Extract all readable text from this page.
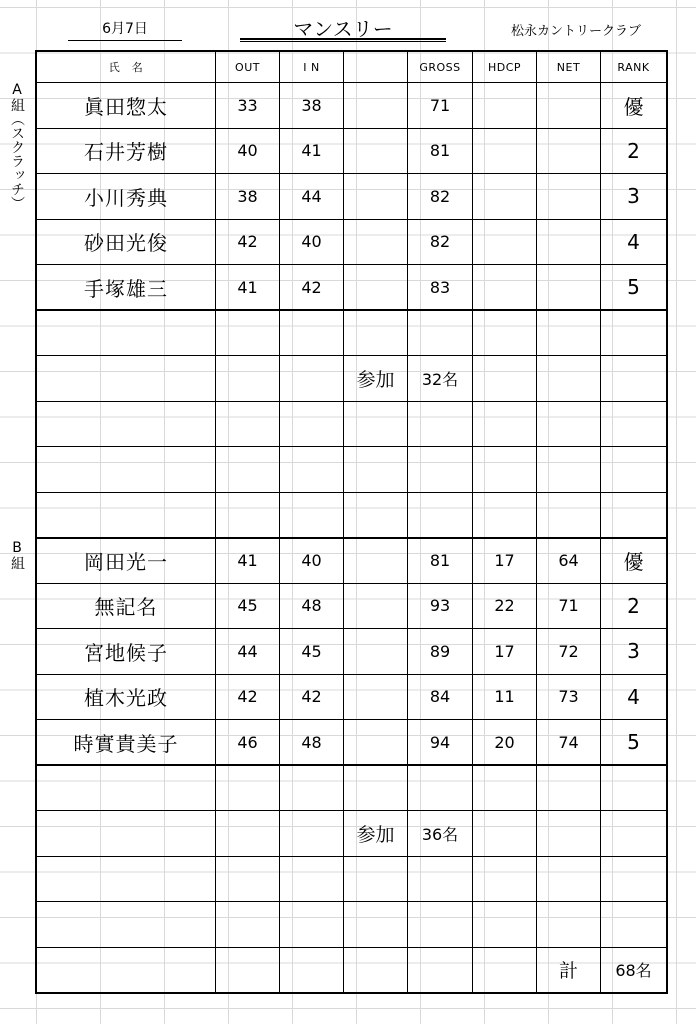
6月7日	マンスリー	松永カントリークラブ
A組（スクラッチ）
B組
氏　名	OUT	I N		GROSS	HDCP	NET	RANK
眞田惣太	33	38		71			優
石井芳樹	40	41		81			2
小川秀典	38	44		82			3
砂田光俊	42	40		82			4
手塚雄三	41	42		83			5

			参加	32名			

岡田光一	41	40		81	17	64	優
無記名	45	48		93	22	71	2
宮地候子	44	45		89	17	72	3
植木光政	42	42		84	11	73	4
時實貴美子	46	48		94	20	74	5

			参加	36名			

						計	68名
